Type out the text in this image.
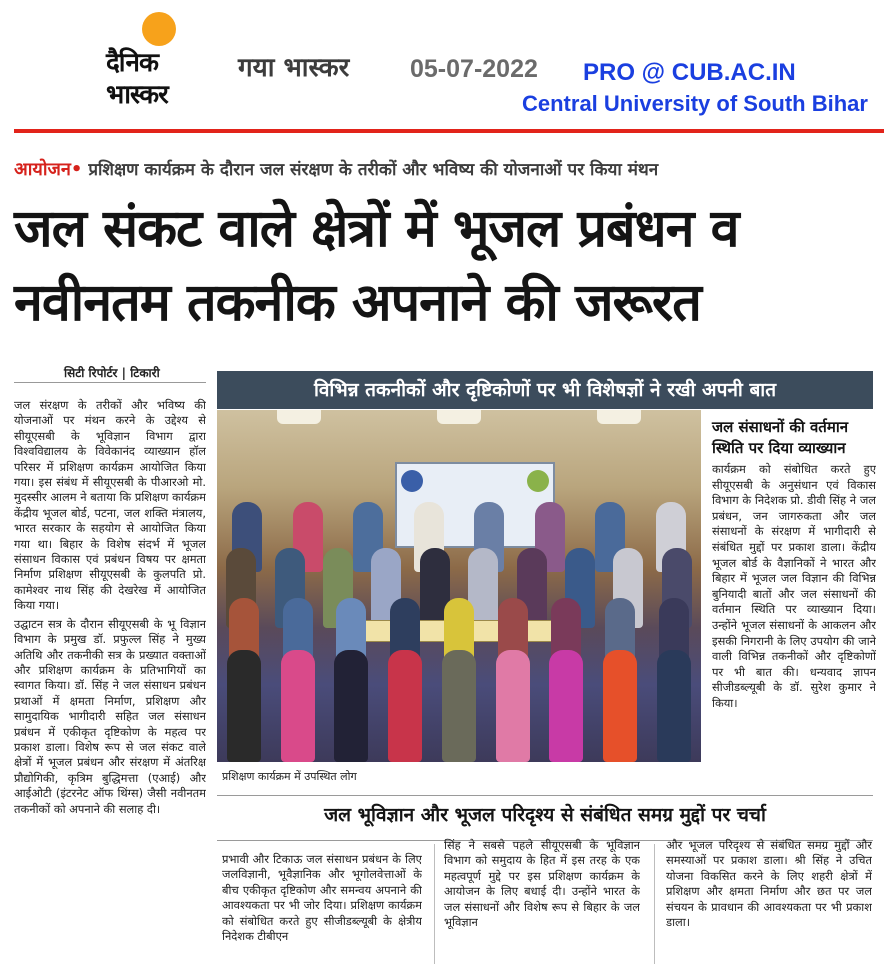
दैनिक
भास्कर
गया भास्कर 05-07-2022 PRO @ CUB.AC.IN
Central University of South Bihar
आयोजन• प्रशिक्षण कार्यक्रम के दौरान जल संरक्षण के तरीकों और भविष्य की योजनाओं पर किया मंथन
जल संकट वाले क्षेत्रों में भूजल प्रबंधन व
नवीनतम तकनीक अपनाने की जरूरत
सिटी रिपोर्टर | टिकारी

जल संरक्षण के तरीकों और भविष्य की योजनाओं पर मंथन करने के उद्देश्य से सीयूएसबी के भूविज्ञान विभाग द्वारा विश्वविद्यालय के विवेकानंद व्याख्यान हॉल परिसर में प्रशिक्षण कार्यक्रम आयोजित किया गया। इस संबंध में सीयूएसबी के पीआरओ मो. मुदस्सीर आलम ने बताया कि प्रशिक्षण कार्यक्रम केंद्रीय भूजल बोर्ड, पटना, जल शक्ति मंत्रालय, भारत सरकार के सहयोग से आयोजित किया गया था। बिहार के विशेष संदर्भ में भूजल संसाधन विकास एवं प्रबंधन विषय पर क्षमता निर्माण प्रशिक्षण सीयूएसबी के कुलपति प्रो. कामेश्वर नाथ सिंह की देखरेख में आयोजित किया गया।

उद्घाटन सत्र के दौरान सीयूएसबी के भू विज्ञान विभाग के प्रमुख डॉ. प्रफुल्ल सिंह ने मुख्य अतिथि और तकनीकी सत्र के प्रख्यात वक्ताओं और प्रशिक्षण कार्यक्रम के प्रतिभागियों का स्वागत किया। डॉ. सिंह ने जल संसाधन प्रबंधन प्रथाओं में क्षमता निर्माण, प्रशिक्षण और सामुदायिक भागीदारी सहित जल संसाधन प्रबंधन में एकीकृत दृष्टिकोण के महत्व पर प्रकाश डाला। विशेष रूप से जल संकट वाले क्षेत्रों में भूजल प्रबंधन और संरक्षण में अंतरिक्ष प्रौद्योगिकी, कृत्रिम बुद्धिमत्ता (एआई) और आईओटी (इंटरनेट ऑफ थिंग्स) जैसी नवीनतम तकनीकों को अपनाने की सलाह दी।

विभिन्न तकनीकों और दृष्टिकोणों पर भी विशेषज्ञों ने रखी अपनी बात
प्रशिक्षण कार्यक्रम में उपस्थित लोग
जल संसाधनों की वर्तमान स्थिति पर दिया व्याख्यान
कार्यक्रम को संबोधित करते हुए सीयूएसबी के अनुसंधान एवं विकास विभाग के निदेशक प्रो. डीवी सिंह ने जल प्रबंधन, जन जागरुकता और जल संसाधनों के संरक्षण में भागीदारी से संबंधित मुद्दों पर प्रकाश डाला। केंद्रीय भूजल बोर्ड के वैज्ञानिकों ने भारत और बिहार में भूजल जल विज्ञान की विभिन्न बुनियादी बातों और जल संसाधनों की वर्तमान स्थिति पर व्याख्यान दिया। उन्होंने भूजल संसाधनों के आकलन और इसकी निगरानी के लिए उपयोग की जाने वाली विभिन्न तकनीकों और दृष्टिकोणों पर भी बात की। धन्यवाद ज्ञापन सीजीडब्ल्यूबी के डॉ. सुरेश कुमार ने किया।
जल भूविज्ञान और भूजल परिदृश्य से संबंधित समग्र मुद्दों पर चर्चा
प्रभावी और टिकाऊ जल संसाधन प्रबंधन के लिए जलविज्ञानी, भूवैज्ञानिक और भूगोलवेत्ताओं के बीच एकीकृत दृष्टिकोण और समन्वय अपनाने की आवश्यकता पर भी जोर दिया। प्रशिक्षण कार्यक्रम को संबोधित करते हुए सीजीडब्ल्यूबी के क्षेत्रीय निदेशक टीबीएन
सिंह ने सबसे पहले सीयूएसबी के भूविज्ञान विभाग को समुदाय के हित में इस तरह के एक महत्वपूर्ण मुद्दे पर इस प्रशिक्षण कार्यक्रम के आयोजन के लिए बधाई दी। उन्होंने भारत के जल संसाधनों और विशेष रूप से बिहार के जल भूविज्ञान
और भूजल परिदृश्य से संबंधित समग्र मुद्दों और समस्याओं पर प्रकाश डाला। श्री सिंह ने उचित योजना विकसित करने के लिए शहरी क्षेत्रों में प्रशिक्षण और क्षमता निर्माण और छत पर जल संचयन के प्रावधान की आवश्यकता पर भी प्रकाश डाला।
